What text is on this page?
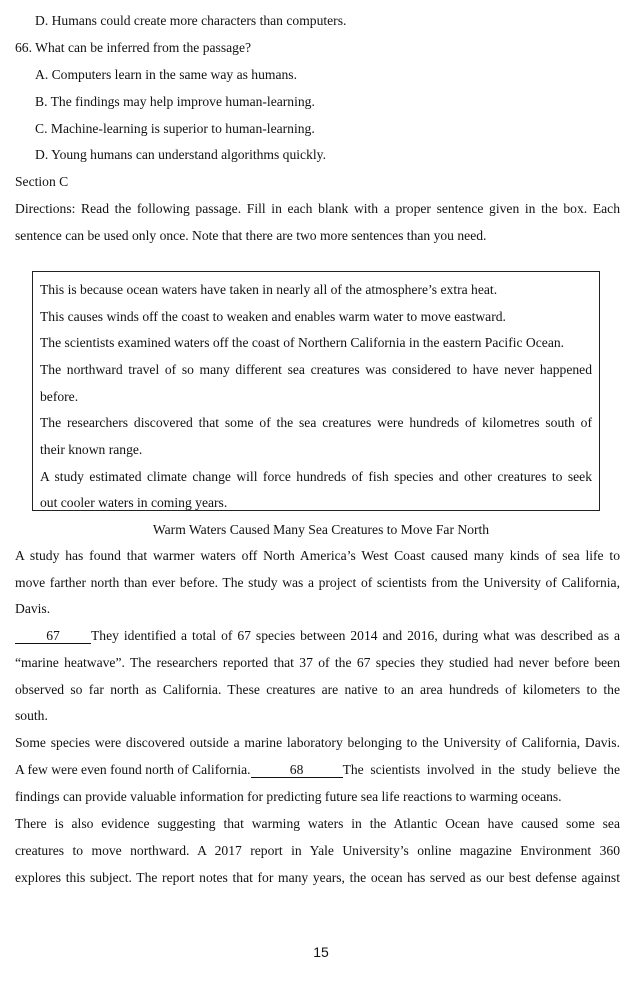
D. Humans could create more characters than computers.
66. What can be inferred from the passage?
A. Computers learn in the same way as humans.
B. The findings may help improve human-learning.
C. Machine-learning is superior to human-learning.
D. Young humans can understand algorithms quickly.
Section C
Directions: Read the following passage. Fill in each blank with a proper sentence given in the box. Each
sentence can be used only once. Note that there are two more sentences than you need.
This is because ocean waters have taken in nearly all of the atmosphere’s extra heat.
This causes winds off the coast to weaken and enables warm water to move eastward.
The scientists examined waters off the coast of Northern California in the eastern Pacific Ocean.
The northward travel of so many different sea creatures was considered to have never happened
before.
The researchers discovered that some of the sea creatures were hundreds of kilometres south of
their known range.
A study estimated climate change will force hundreds of fish species and other creatures to seek
out cooler waters in coming years.
Warm Waters Caused Many Sea Creatures to Move Far North
A study has found that warmer waters off North America’s West Coast caused many kinds of sea life to
move farther north than ever before. The study was a project of scientists from the University of California,
Davis.
67	They identified a total of 67 species between 2014 and 2016, during what was described as a
“marine heatwave”. The researchers reported that 37 of the 67 species they studied had never before been
observed so far north as California. These creatures are native to an area hundreds of kilometers to the
south.
Some species were discovered outside a marine laboratory belonging to the University of California, Davis.
A few were even found north of California.	68	The scientists involved in the study believe the
findings can provide valuable information for predicting future sea life reactions to warming oceans.
There is also evidence suggesting that warming waters in the Atlantic Ocean have caused some sea
creatures to move northward. A 2017 report in Yale University’s online magazine Environment 360
explores this subject. The report notes that for many years, the ocean has served as our best defense against
15
